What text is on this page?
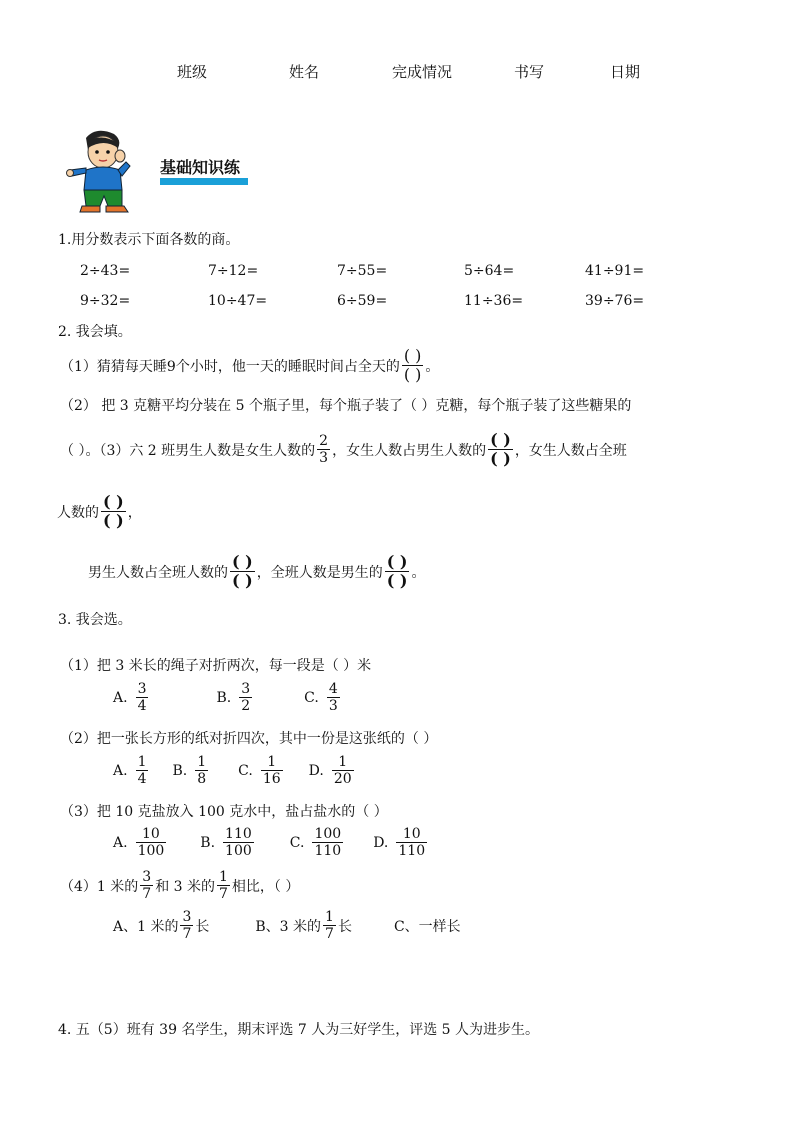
班级	姓名	完成情况	书写	日期
基础知识练
1.用分数表示下面各数的商。
2÷43=	7÷12=	7÷55=	5÷64=	41÷91=
9÷32=	10÷47=	6÷59=	11÷36=	39÷76=
2. 我会填。
（1）猜猜每天睡9个小时，他一天的睡眠时间占全天的 $\frac{( )}{( )}$ 。
（2） 把 3 克糖平均分装在 5 个瓶子里，每个瓶子装了（ ）克糖，每个瓶子装了这些糖果的
（ ）。（3）六 2 班男生人数是女生人数的 $\frac{2}{3}$ ，女生人数占男生人数的 $\frac{( )}{( )}$ ，女生人数占全班
人数的 $\frac{( )}{( )}$ ，
男生人数占全班人数的 $\frac{( )}{( )}$ ，全班人数是男生的 $\frac{( )}{( )}$ 。
3. 我会选。
（1）把 3 米长的绳子对折两次，每一段是（ ）米
A. $\frac{3}{4}$	B. $\frac{3}{2}$	C. $\frac{4}{3}$
（2）把一张长方形的纸对折四次，其中一份是这张纸的（ ）
A. $\frac{1}{4} B$. $\frac{1}{8} C$. $\frac{1}{16} D$. $\frac{1}{20}$
（3）把 10 克盐放入 100 克水中，盐占盐水的（ ）
A. $\frac{10}{100} B$. $\frac{110}{100}$	C. $\frac{100}{110} D$. $\frac{10}{110}$
（4）1 米的 $\frac{3}{7}$ 和 3 米的 $\frac{1}{7}$ 相比，（ ）
A、1 米的 $\frac{3}{7}$ 长	B、3 米的 $\frac{1}{7}$ 长	C、一样长
4. 五（5）班有 39 名学生，期末评选 7 人为三好学生，评选 5 人为进步生。
